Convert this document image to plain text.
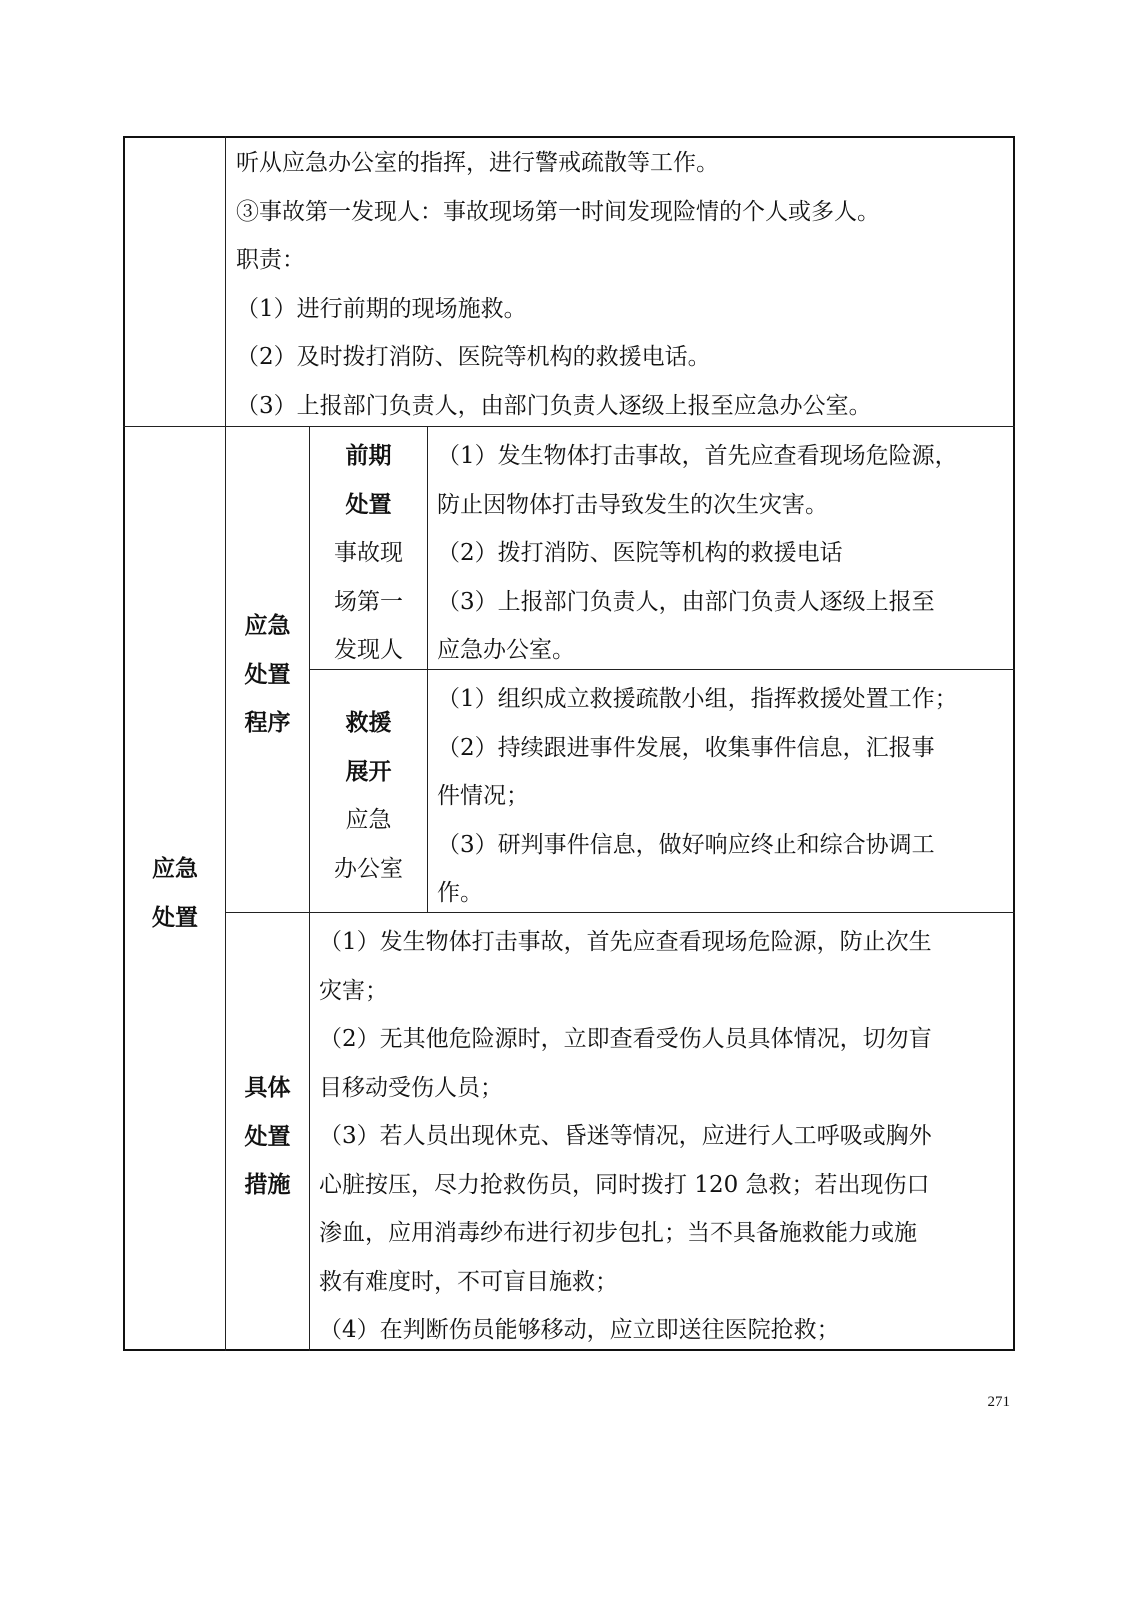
听从应急办公室的指挥，进行警戒疏散等工作。

③事故第一发现人：事故现场第一时间发现险情的个人或多人。

职责：

（1）进行前期的现场施救。

（2）及时拨打消防、医院等机构的救援电话。

（3）上报部门负责人，由部门负责人逐级上报至应急办公室。

应急

处置

应急

处置

程序

前期

处置

事故现

场第一

发现人

（1）发生物体打击事故，首先应查看现场危险源，

防止因物体打击导致发生的次生灾害。

（2）拨打消防、医院等机构的救援电话

（3）上报部门负责人，由部门负责人逐级上报至

应急办公室。

救援

展开

应急

办公室

（1）组织成立救援疏散小组，指挥救援处置工作；

（2）持续跟进事件发展，收集事件信息，汇报事

件情况；

（3）研判事件信息，做好响应终止和综合协调工

作。

具体

处置

措施

（1）发生物体打击事故，首先应查看现场危险源，防止次生

灾害；

（2）无其他危险源时，立即查看受伤人员具体情况，切勿盲

目移动受伤人员；

（3）若人员出现休克、昏迷等情况，应进行人工呼吸或胸外

心脏按压，尽力抢救伤员，同时拨打 120 急救；若出现伤口

渗血，应用消毒纱布进行初步包扎；当不具备施救能力或施

救有难度时，不可盲目施救；

（4）在判断伤员能够移动，应立即送往医院抢救；

271
